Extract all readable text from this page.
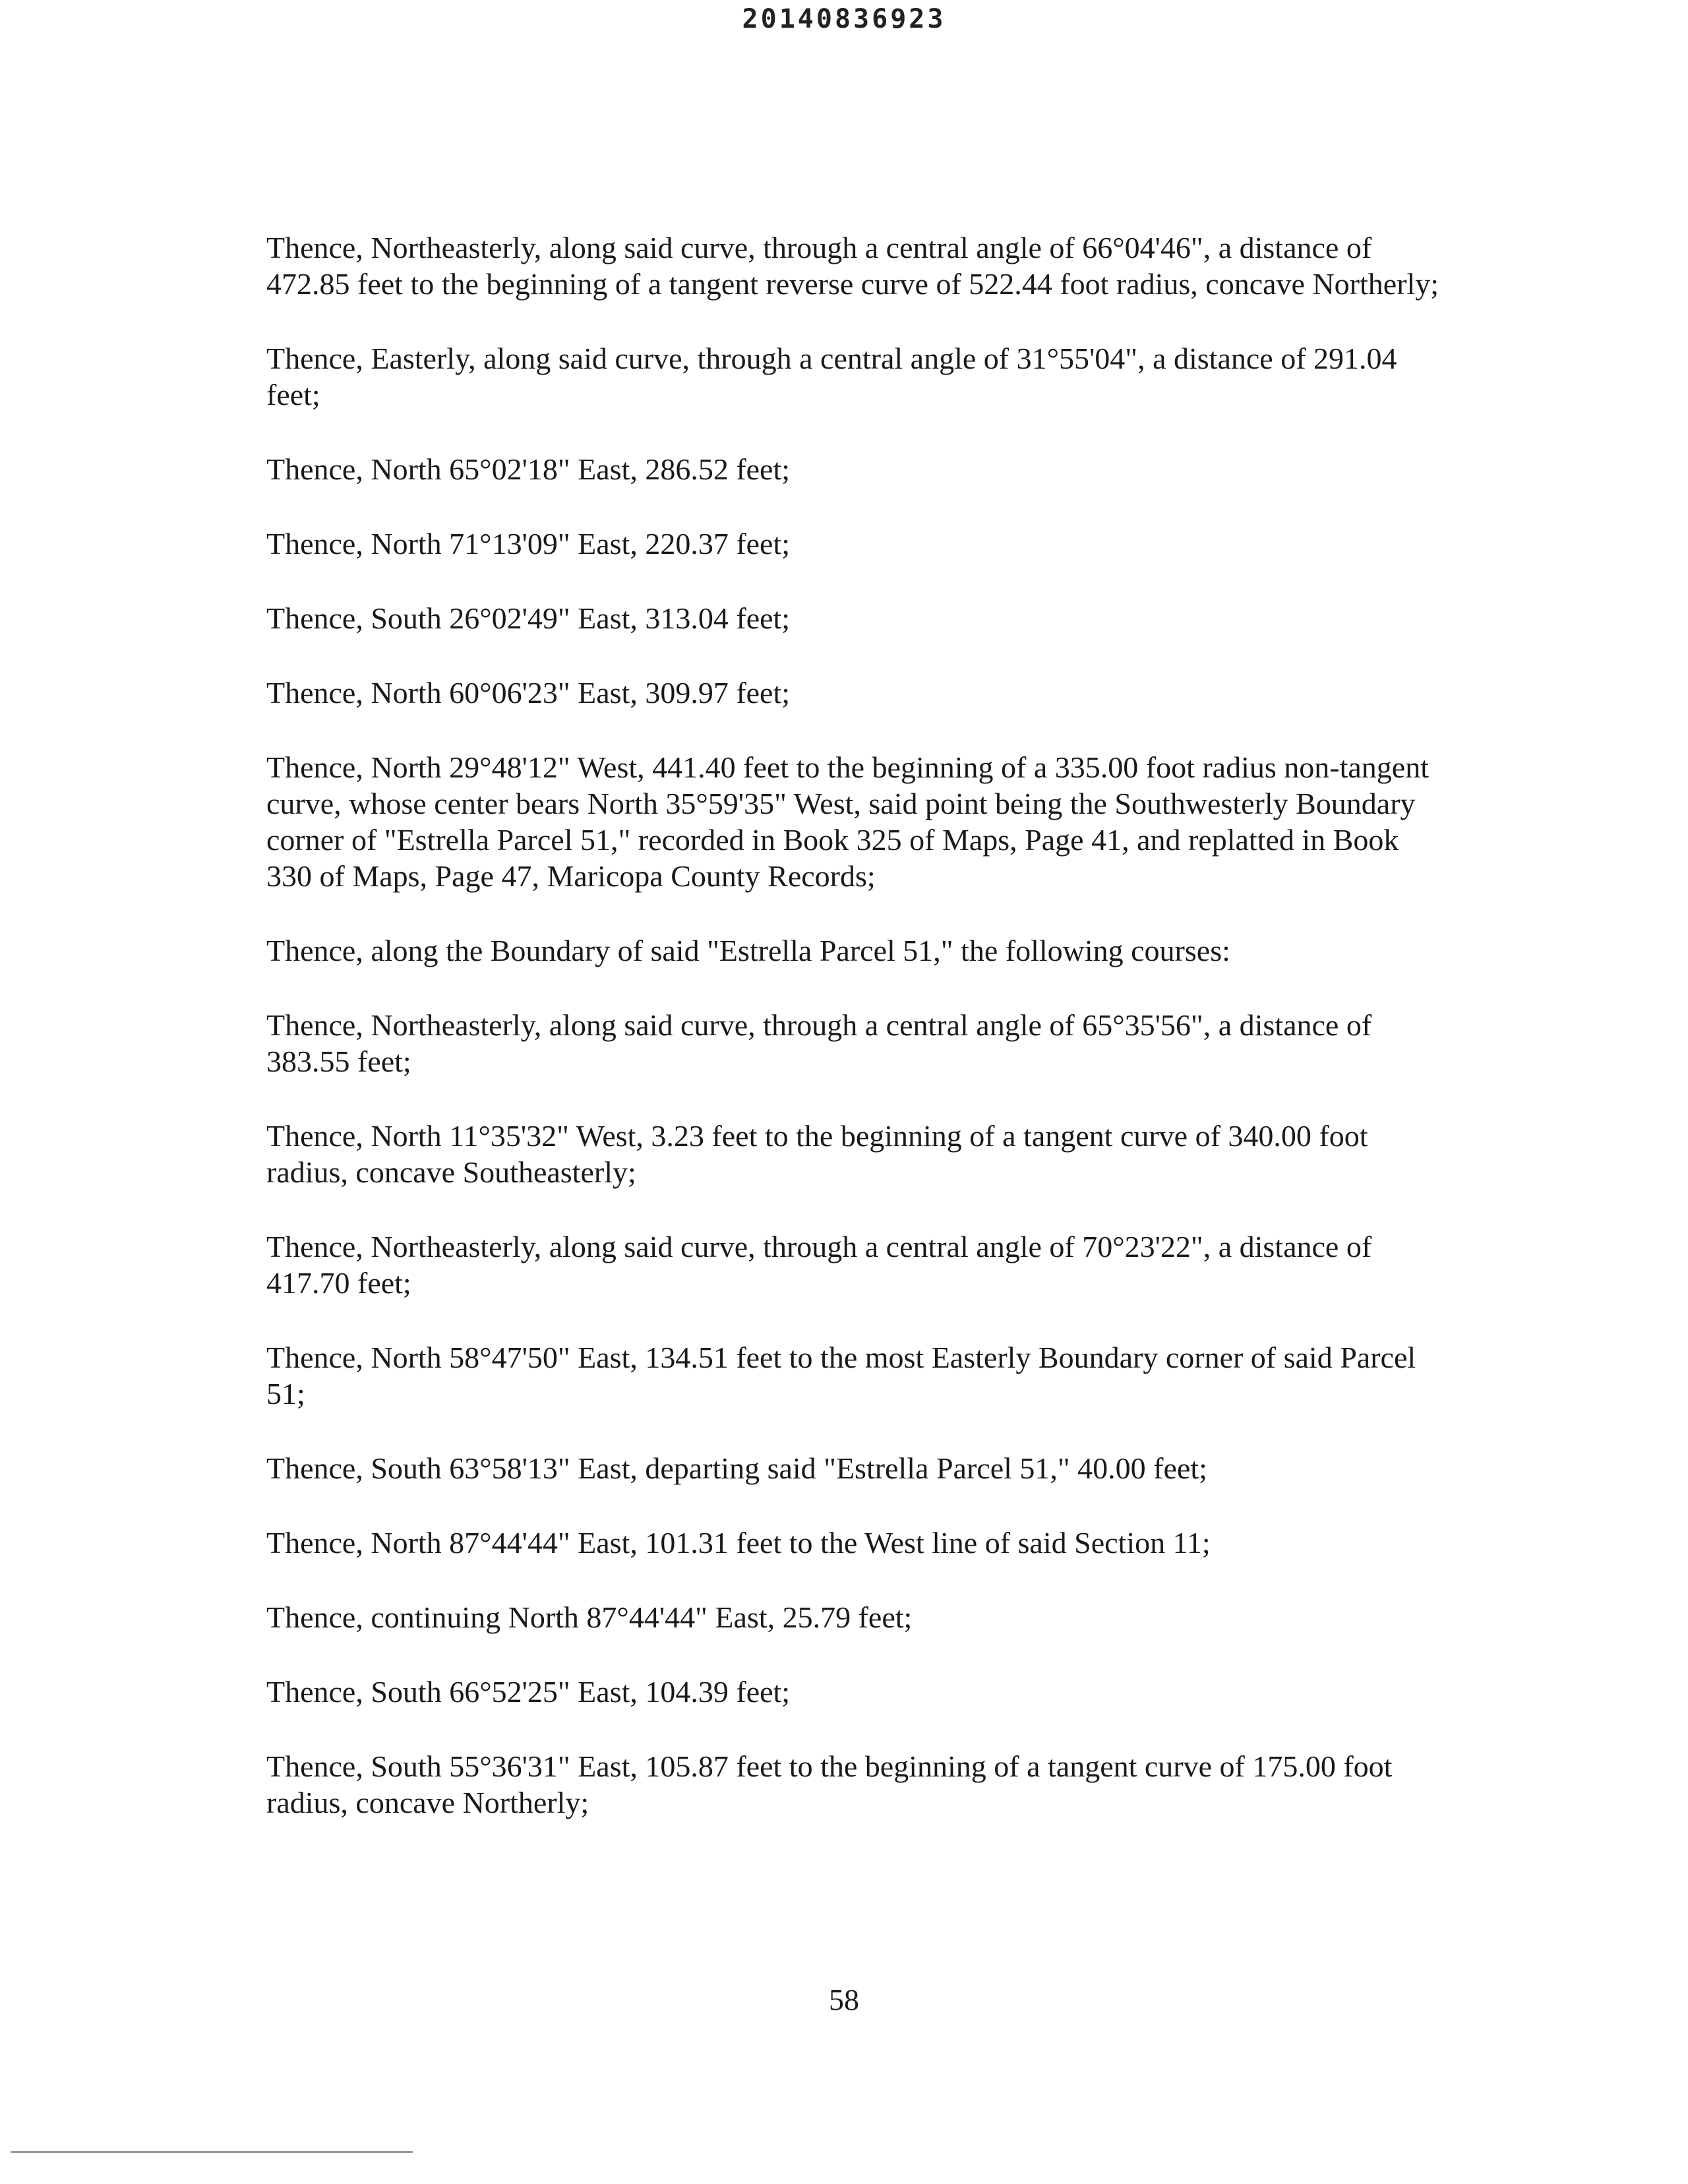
20140836923

Thence, Northeasterly, along said curve, through a central angle of 66°04'46", a distance of 472.85 feet to the beginning of a tangent reverse curve of 522.44 foot radius, concave Northerly;

Thence, Easterly, along said curve, through a central angle of 31°55'04", a distance of 291.04 feet;

Thence, North 65°02'18" East, 286.52 feet;

Thence, North 71°13'09" East, 220.37 feet;

Thence, South 26°02'49" East, 313.04 feet;

Thence, North 60°06'23" East, 309.97 feet;

Thence, North 29°48'12" West, 441.40 feet to the beginning of a 335.00 foot radius non-tangent curve, whose center bears North 35°59'35" West, said point being the Southwesterly Boundary corner of "Estrella Parcel 51," recorded in Book 325 of Maps, Page 41, and replatted in Book 330 of Maps, Page 47, Maricopa County Records;

Thence, along the Boundary of said "Estrella Parcel 51," the following courses:

Thence, Northeasterly, along said curve, through a central angle of 65°35'56", a distance of 383.55 feet;

Thence, North 11°35'32" West, 3.23 feet to the beginning of a tangent curve of 340.00 foot radius, concave Southeasterly;

Thence, Northeasterly, along said curve, through a central angle of 70°23'22", a distance of 417.70 feet;

Thence, North 58°47'50" East, 134.51 feet to the most Easterly Boundary corner of said Parcel 51;

Thence, South 63°58'13" East, departing said "Estrella Parcel 51," 40.00 feet;

Thence, North 87°44'44" East, 101.31 feet to the West line of said Section 11;

Thence, continuing North 87°44'44" East, 25.79 feet;

Thence, South 66°52'25" East, 104.39 feet;

Thence, South 55°36'31" East, 105.87 feet to the beginning of a tangent curve of 175.00 foot radius, concave Northerly;

58
